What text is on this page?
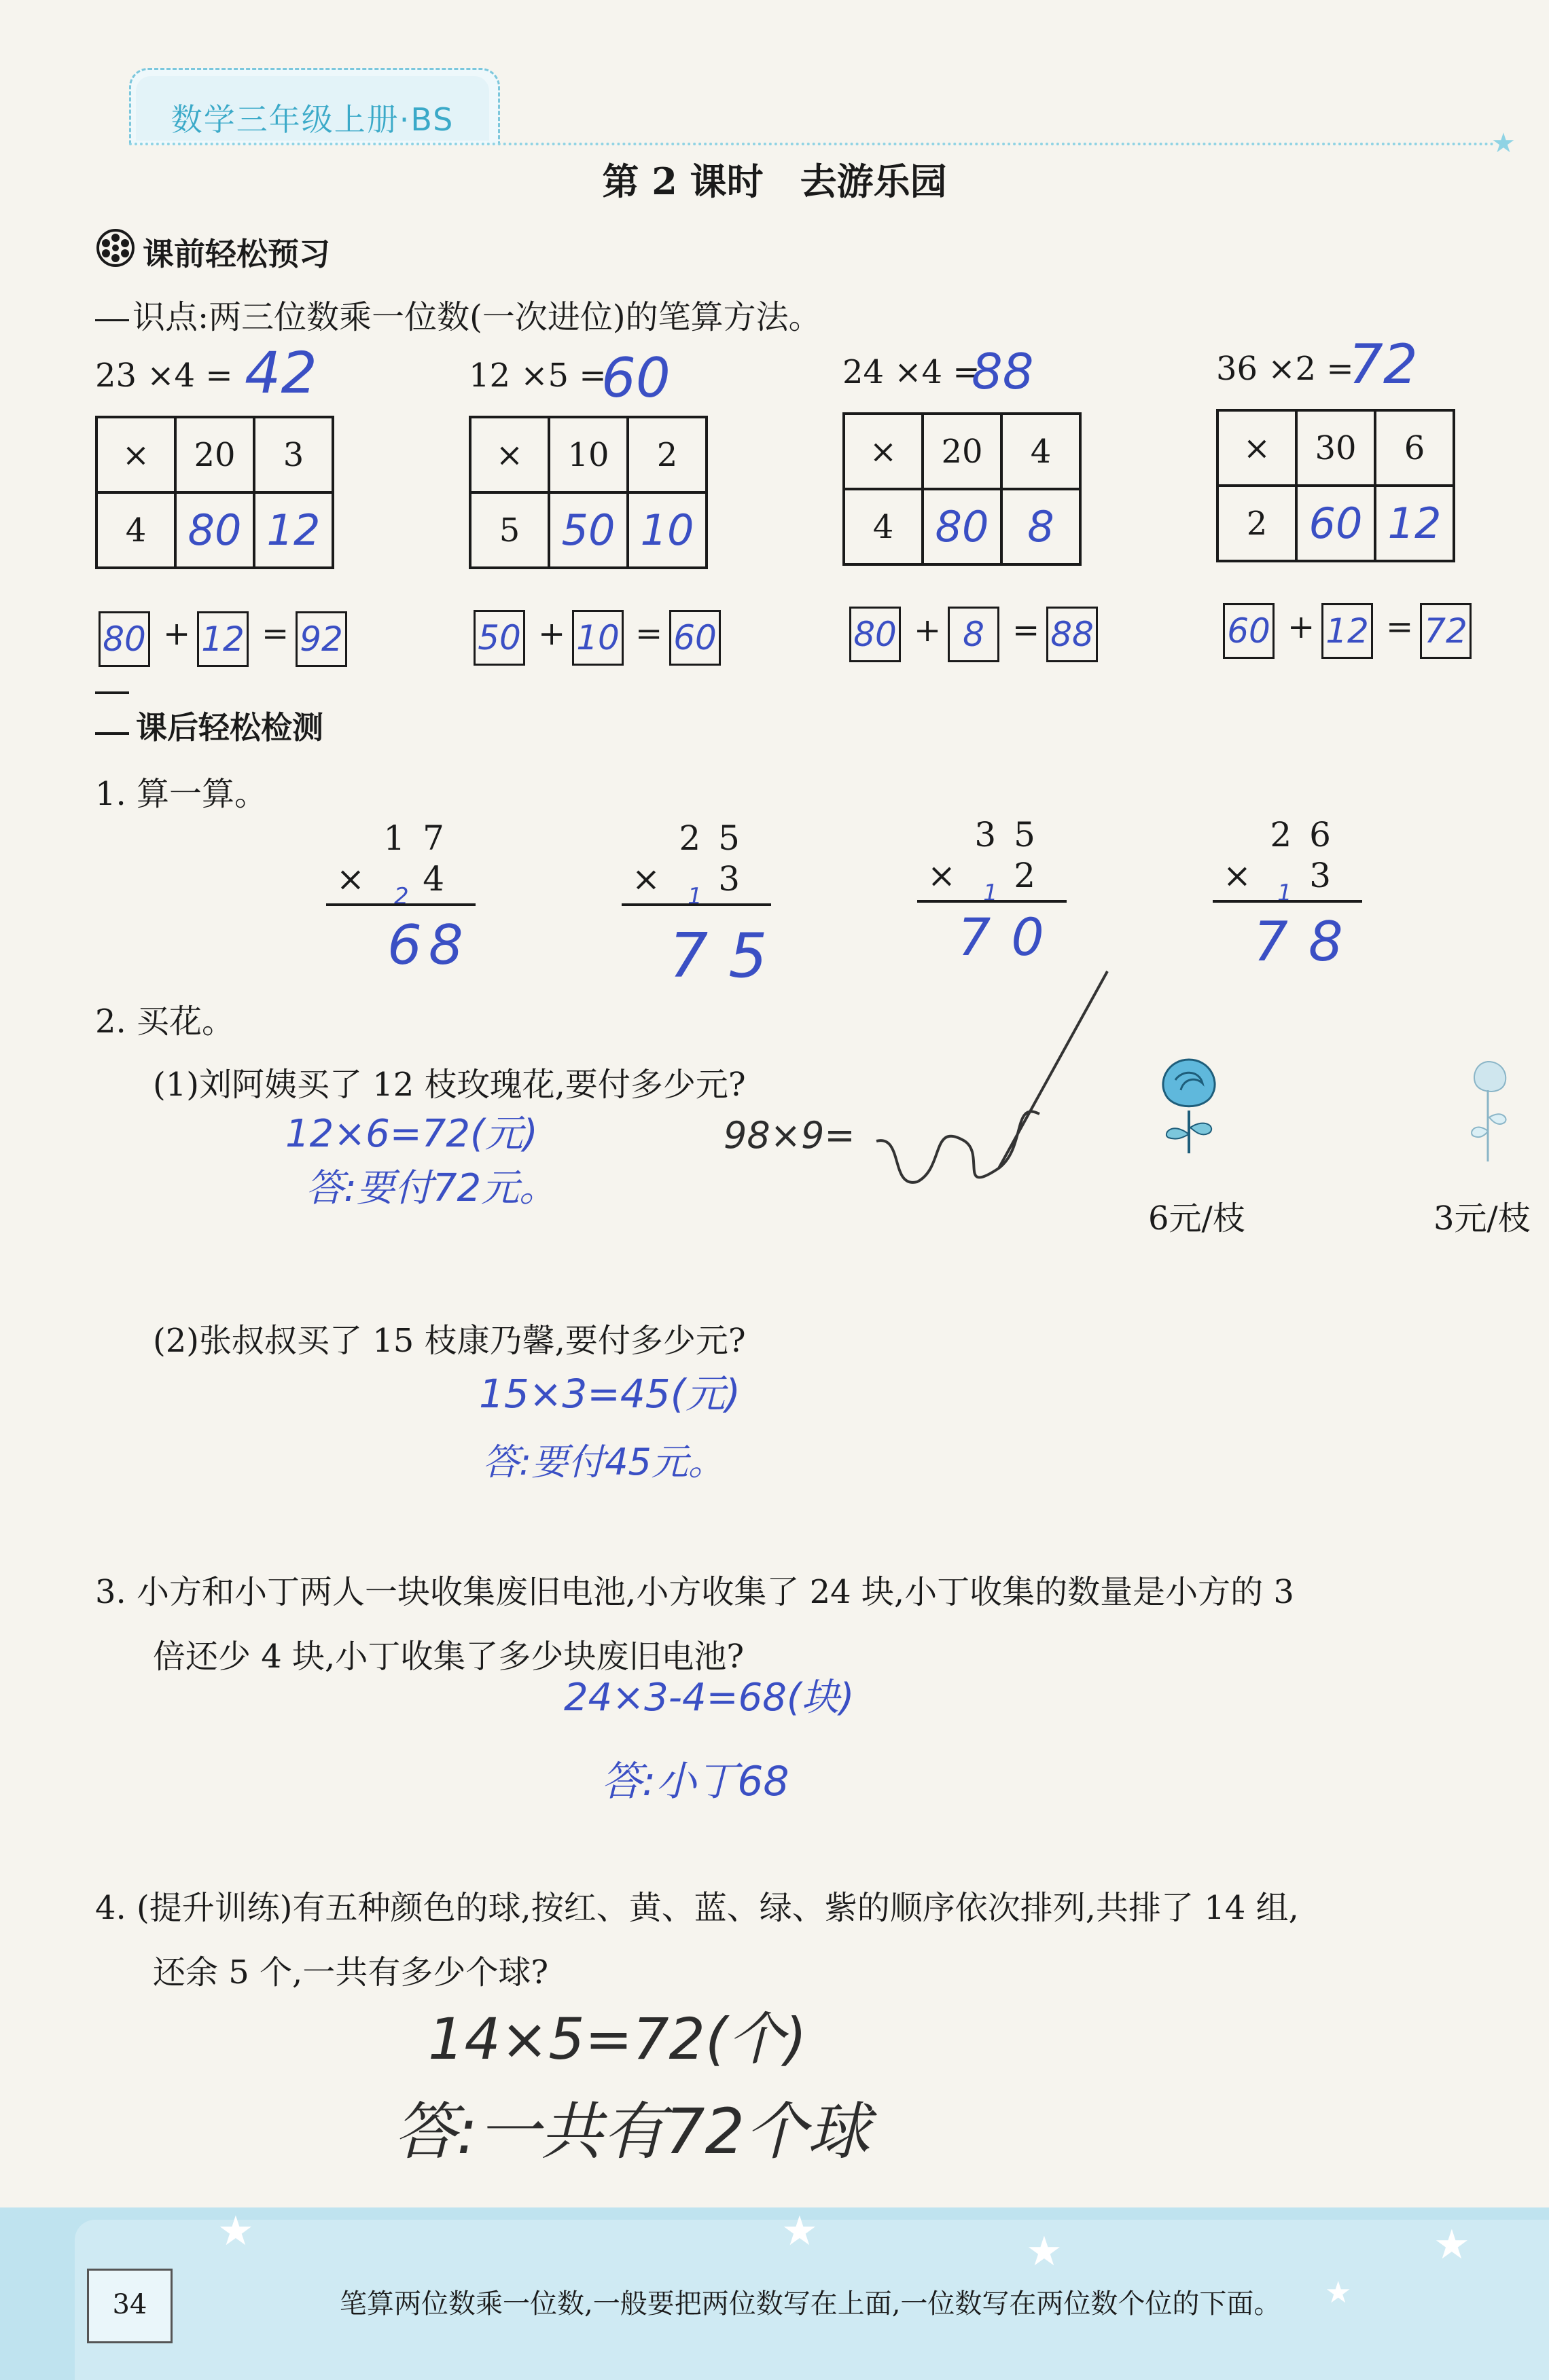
数学三年级上册·BS
★
第 2 课时　去游乐园
课前轻松预习
识点:两三位数乘一位数(一次进位)的笔算方法。
23 ×4 = 42
×	20	3
4	80	12
80 + 12 = 92
12 ×5 =
60
×	10	2
5	50	10
50 + 10 = 60
24 ×4 =
88
×	20	4
4	80	8
80 + 8 = 88
36 ×2 =
72
×	30	6
2	60	12
60 + 12 = 72
课后轻松检测
1. 算一算。
17
×	4
2
68
25
×	3
1
75
35
×	2
1
70
26
×	3
1
78
2. 买花。
(1)刘阿姨买了 12 枝玫瑰花,要付多少元?
12×6=72(元)
答:要付72元。
98×9=
6元/枝	3元/枝
(2)张叔叔买了 15 枝康乃馨,要付多少元?
15×3=45(元)
答:要付45元。
3. 小方和小丁两人一块收集废旧电池,小方收集了 24 块,小丁收集的数量是小方的 3
倍还少 4 块,小丁收集了多少块废旧电池?
24×3-4=68(块)
答:小丁68
4. (提升训练)有五种颜色的球,按红、黄、蓝、绿、紫的顺序依次排列,共排了 14 组,
还余 5 个,一共有多少个球?
14×5=72(个)
答:一共有72个球
★	★	★	★
★
34	笔算两位数乘一位数,一般要把两位数写在上面,一位数写在两位数个位的下面。
